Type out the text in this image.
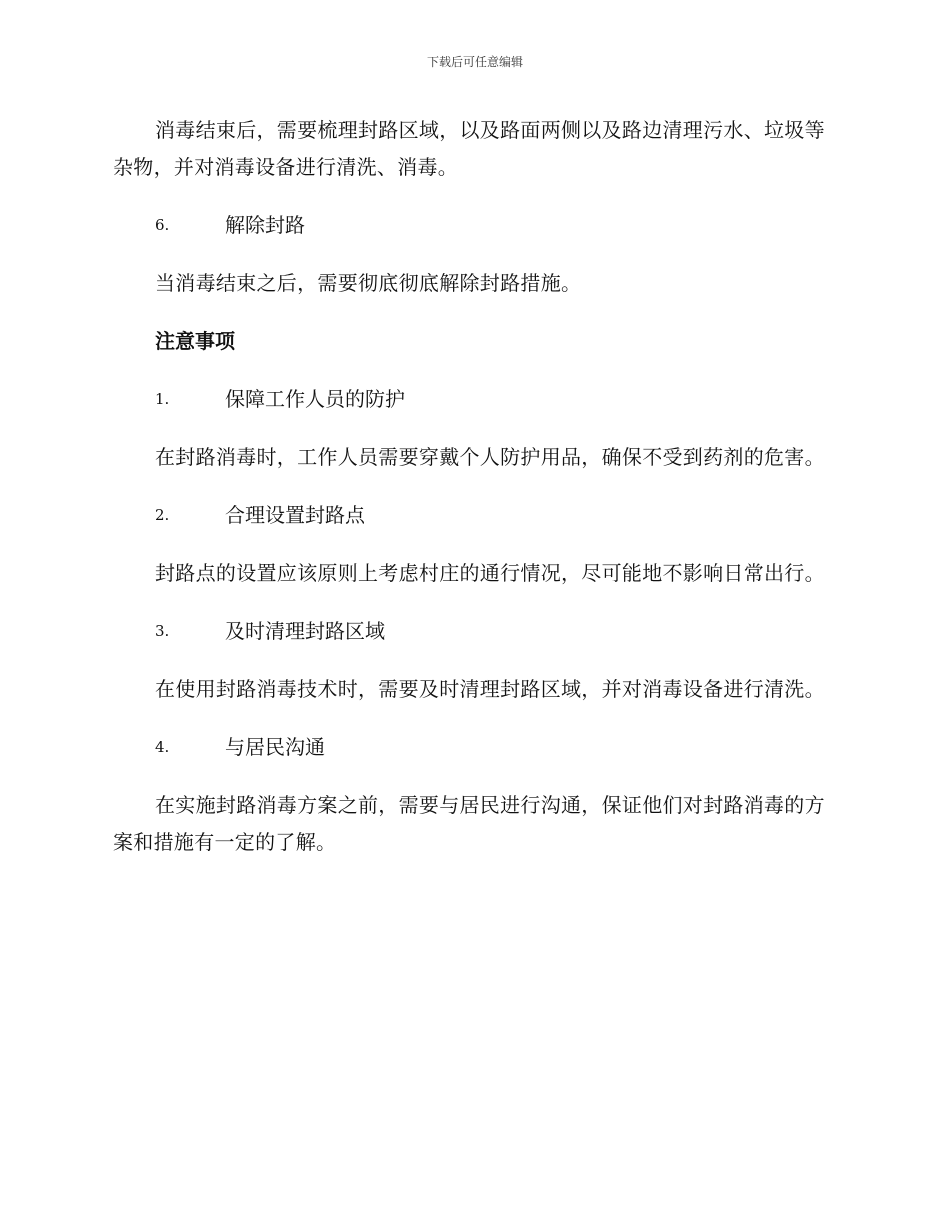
下载后可任意编辑

消毒结束后，需要梳理封路区域，以及路面两侧以及路边清理污水、垃圾等杂物，并对消毒设备进行清洗、消毒。

6.	解除封路

当消毒结束之后，需要彻底彻底解除封路措施。

注意事项
1.	保障工作人员的防护

在封路消毒时，工作人员需要穿戴个人防护用品，确保不受到药剂的危害。

2.	合理设置封路点

封路点的设置应该原则上考虑村庄的通行情况，尽可能地不影响日常出行。

3.	及时清理封路区域

在使用封路消毒技术时，需要及时清理封路区域，并对消毒设备进行清洗。

4.	与居民沟通

在实施封路消毒方案之前，需要与居民进行沟通，保证他们对封路消毒的方案和措施有一定的了解。
